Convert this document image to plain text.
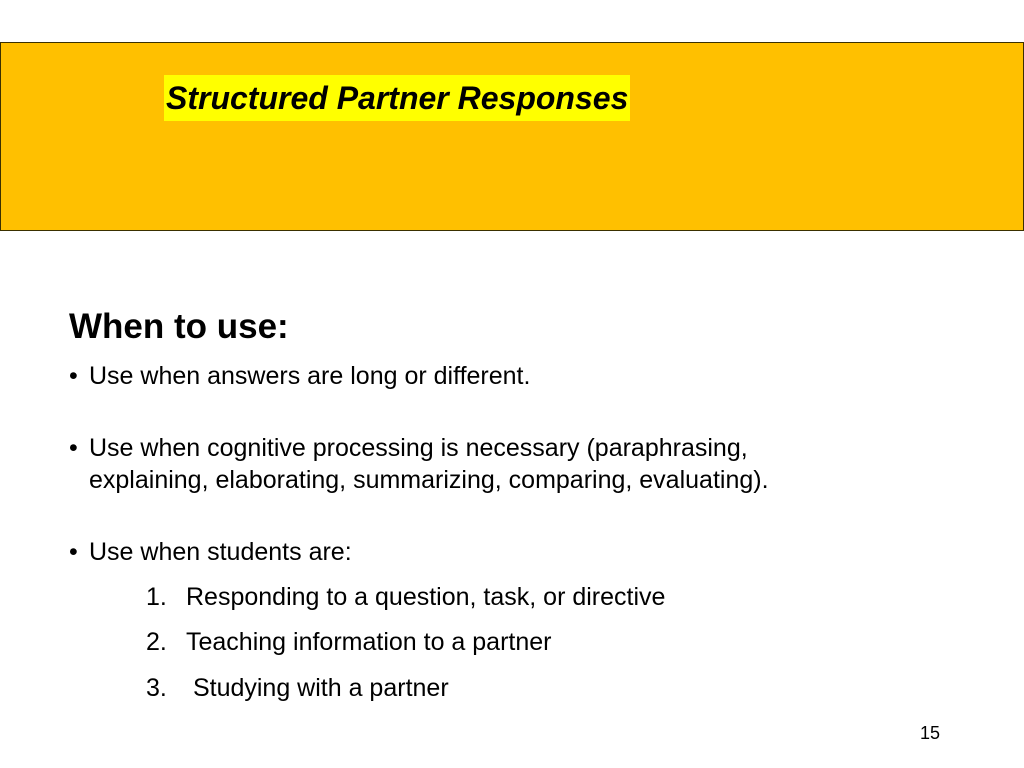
Structured Partner Responses
When to use:
• Use when answers are long or different.
• Use when cognitive processing is necessary (paraphrasing,
explaining, elaborating, summarizing, comparing, evaluating).
• Use when students are:
1. Responding to a question, task, or directive
2. Teaching information to a partner
3. Studying with a partner
15
